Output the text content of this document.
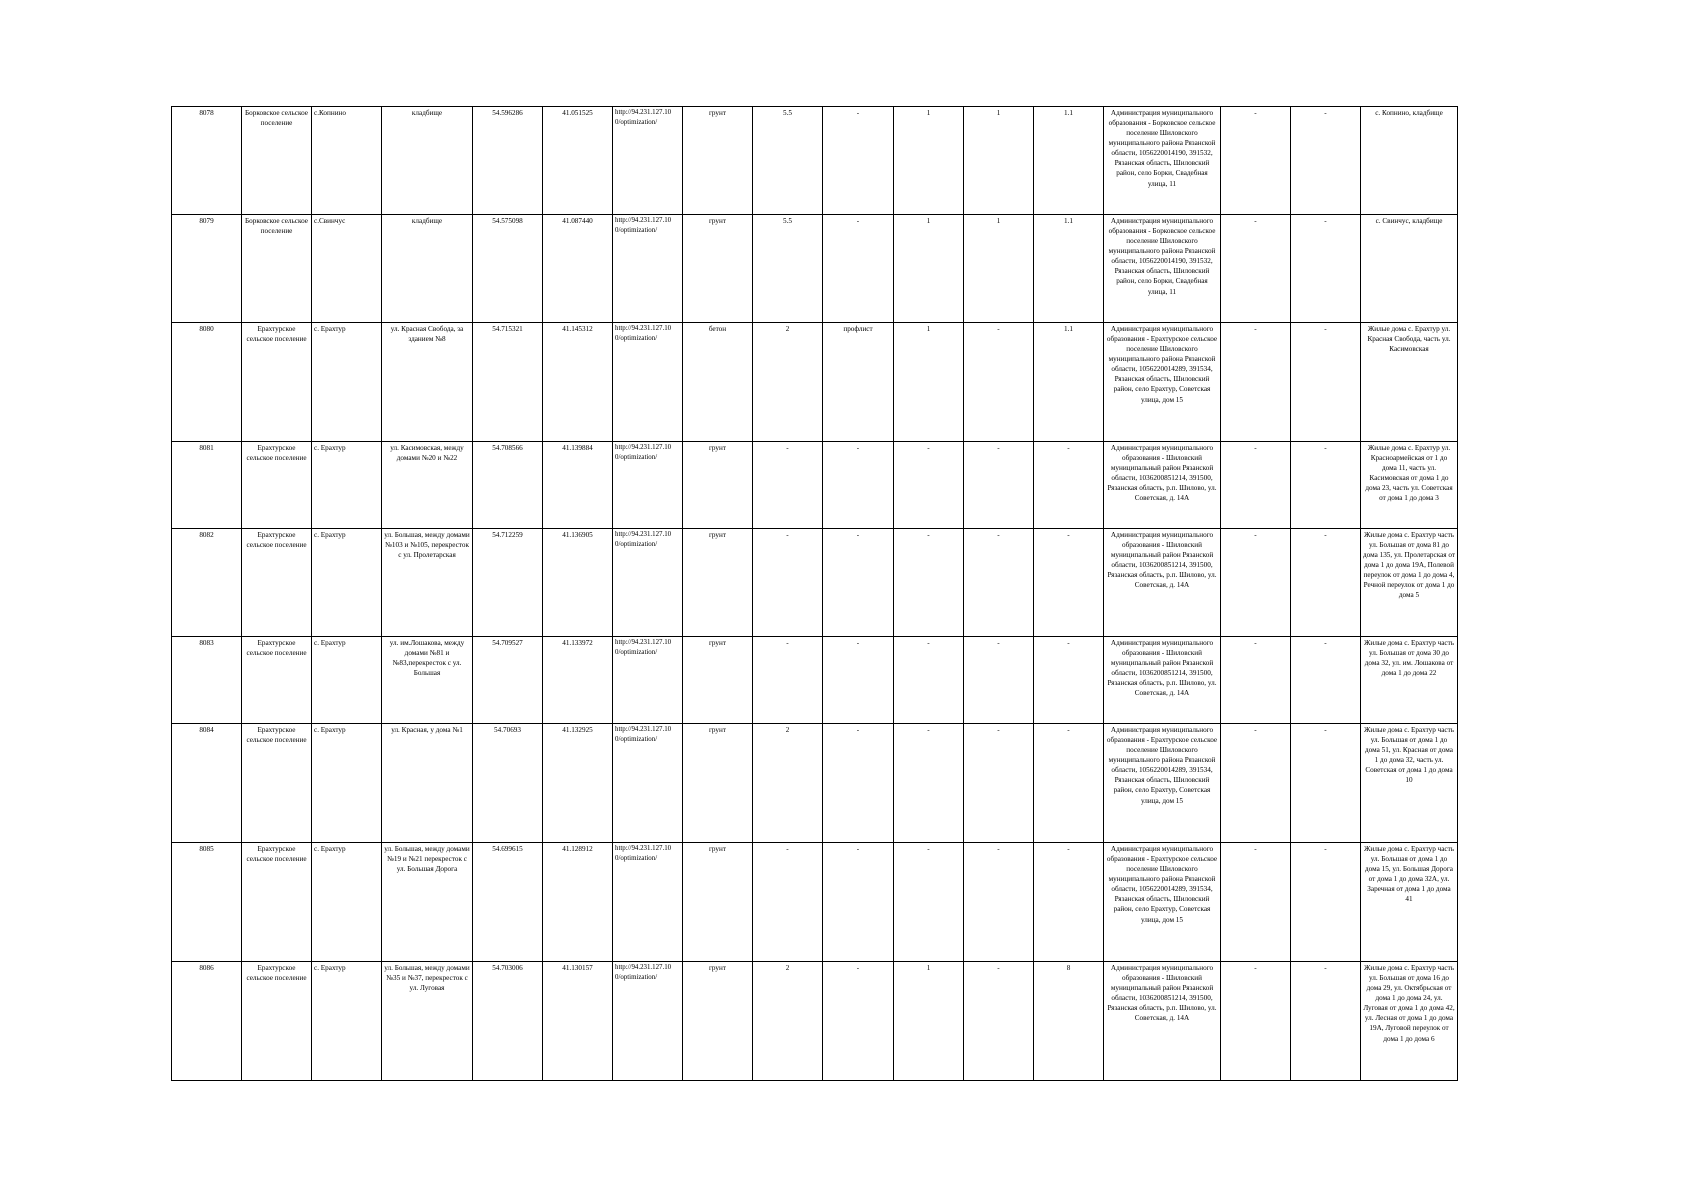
8078	Борковское сельское поселение	с.Копнино	кладбище	54.596286	41.051525	http://94.231.127.10 0/optimization/	грунт	5.5	-	1	1	1.1	Администрация муниципального образования - Борковское сельское поселение Шиловского муниципального района Рязанской области, 1056220014190, 391532, Рязанская область, Шиловский район, село Борки, Свадебная улица, 11	-	-	с. Копнино, кладбище
8079	Борковское сельское поселение	с.Свинчус	кладбище	54.575098	41.087440	http://94.231.127.10 0/optimization/	грунт	5.5	-	1	1	1.1	Администрация муниципального образования - Борковское сельское поселение Шиловского муниципального района Рязанской области, 1056220014190, 391532, Рязанская область, Шиловский район, село Борки, Свадебная улица, 11	-	-	с. Свинчус, кладбище
8080	Ерахтурское сельское поселение	с. Ерахтур	ул. Красная Свобода, за зданием №8	54.715321	41.145312	http://94.231.127.10 0/optimization/	бетон	2	профлист	1	-	1.1	Администрация муниципального образования - Ерахтурское сельское поселение Шиловского муниципального района Рязанской области, 1056220014289, 391534, Рязанская область, Шиловский район, село Ерахтур, Советская улица, дом 15	-	-	Жилые дома с. Ерахтур ул. Красная Свобода, часть ул. Касимовская
8081	Ерахтурское сельское поселение	с. Ерахтур	ул. Касимовская, между домами №20 и №22	54.708566	41.139884	http://94.231.127.10 0/optimization/	грунт	-	-	-	-	-	Администрация муниципального образования - Шиловский муниципальный район Рязанской области, 1036200851214, 391500, Рязанская область, р.п. Шилово, ул. Советская, д. 14А	-	-	Жилые дома с. Ерахтур ул. Красноармейская от 1 до дома 11, часть ул. Касимовская от дома 1 до дома 23, часть ул. Советская от дома 1 до дома 3
8082	Ерахтурское сельское поселение	с. Ерахтур	ул. Большая, между домами №103 и №105, перекресток с ул. Пролетарская	54.712259	41.136905	http://94.231.127.10 0/optimization/	грунт	-	-	-	-	-	Администрация муниципального образования - Шиловский муниципальный район Рязанской области, 1036200851214, 391500, Рязанская область, р.п. Шилово, ул. Советская, д. 14А	-	-	Жилые дома с. Ерахтур часть ул. Большая от дома 81 до дома 135, ул. Пролетарская от дома 1 до дома 19А, Полевой переулок от дома 1 до дома 4, Речной переулок от дома 1 до дома 5
8083	Ерахтурское сельское поселение	с. Ерахтур	ул. им.Лошакова, между домами №81 и №83,перекресток с ул. Большая	54.709527	41.133972	http://94.231.127.10 0/optimization/	грунт	-	-	-	-	-	Администрация муниципального образования - Шиловский муниципальный район Рязанской области, 1036200851214, 391500, Рязанская область, р.п. Шилово, ул. Советская, д. 14А	-	-	Жилые дома с. Ерахтур часть ул. Большая от дома 30 до дома 32, ул. им. Лошакова от дома 1 до дома 22
8084	Ерахтурское сельское поселение	с. Ерахтур	ул. Красная, у дома №1	54.70693	41.132925	http://94.231.127.10 0/optimization/	грунт	2	-	-	-	-	Администрация муниципального образования - Ерахтурское сельское поселение Шиловского муниципального района Рязанской области, 1056220014289, 391534, Рязанская область, Шиловский район, село Ерахтур, Советская улица, дом 15	-	-	Жилые дома с. Ерахтур часть ул. Большая от дома 1 до дома 51, ул. Красная от дома 1 до дома 32, часть ул. Советская от дома 1 до дома 10
8085	Ерахтурское сельское поселение	с. Ерахтур	ул. Большая, между домами №19 и №21 перекресток с ул. Большая Дорога	54.699615	41.128912	http://94.231.127.10 0/optimization/	грунт	-	-	-	-	-	Администрация муниципального образования - Ерахтурское сельское поселение Шиловского муниципального района Рязанской области, 1056220014289, 391534, Рязанская область, Шиловский район, село Ерахтур, Советская улица, дом 15	-	-	Жилые дома с. Ерахтур часть ул. Большая от дома 1 до дома 15, ул. Большая Дорога от дома 1 до дома 32А, ул. Заречная от дома 1 до дома 41
8086	Ерахтурское сельское поселение	с. Ерахтур	ул. Большая, между домами №35 и №37, перекресток с ул. Луговая	54.703006	41.130157	http://94.231.127.10 0/optimization/	грунт	2	-	1	-	8	Администрация муниципального образования - Шиловский муниципальный район Рязанской области, 1036200851214, 391500, Рязанская область, р.п. Шилово, ул. Советская, д. 14А	-	-	Жилые дома с. Ерахтур часть ул. Большая от дома 16 до дома 29, ул. Октябрьская от дома 1 до дома 24, ул. Луговая от дома 1 до дома 42, ул. Лесная от дома 1 до дома 19А, Луговой переулок от дома 1 до дома 6
